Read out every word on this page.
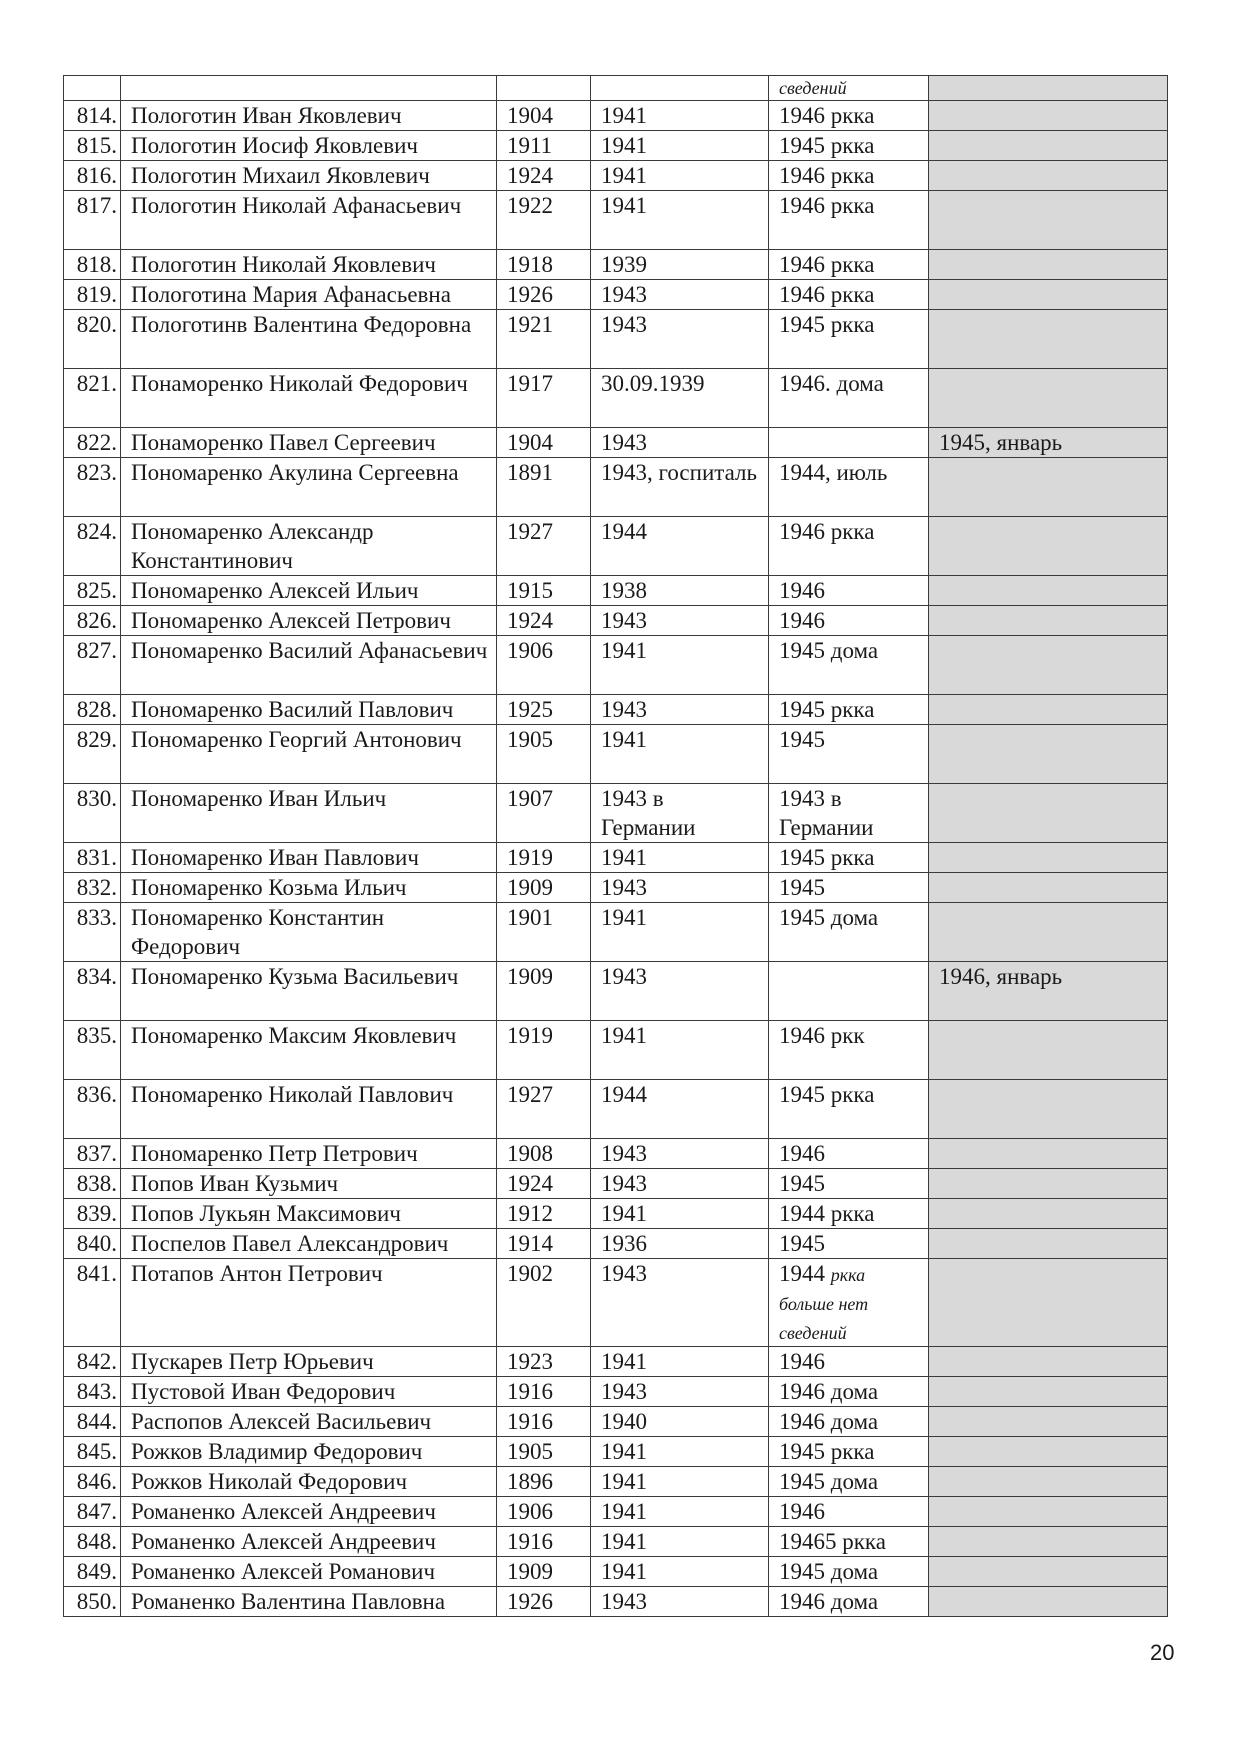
				сведений	
814.	Пологотин Иван Яковлевич	1904	1941	1946 ркка	
815.	Пологотин Иосиф Яковлевич	1911	1941	1945 ркка	
816.	Пологотин Михаил Яковлевич	1924	1941	1946 ркка	
817.	Пологотин Николай Афанасьевич	1922	1941	1946 ркка	
818.	Пологотин Николай Яковлевич	1918	1939	1946 ркка	
819.	Пологотина Мария Афанасьевна	1926	1943	1946 ркка	
820.	Пологотинв Валентина Федоровна	1921	1943	1945 ркка	
821.	Понаморенко Николай Федорович	1917	30.09.1939	1946. дома	
822.	Понаморенко Павел Сергеевич	1904	1943		1945, январь
823.	Пономаренко Акулина Сергеевна	1891	1943, госпиталь	1944, июль	
824.	Пономаренко Александр Константинович	1927	1944	1946 ркка	
825.	Пономаренко Алексей Ильич	1915	1938	1946	
826.	Пономаренко Алексей Петрович	1924	1943	1946	
827.	Пономаренко Василий Афанасьевич	1906	1941	1945 дома	
828.	Пономаренко Василий Павлович	1925	1943	1945 ркка	
829.	Пономаренко Георгий Антонович	1905	1941	1945	
830.	Пономаренко Иван Ильич	1907	1943 в Германии	1943 в Германии	
831.	Пономаренко Иван Павлович	1919	1941	1945 ркка	
832.	Пономаренко Козьма Ильич	1909	1943	1945	
833.	Пономаренко Константин Федорович	1901	1941	1945 дома	
834.	Пономаренко Кузьма Васильевич	1909	1943		1946, январь
835.	Пономаренко Максим Яковлевич	1919	1941	1946 ркк	
836.	Пономаренко Николай Павлович	1927	1944	1945 ркка	
837.	Пономаренко Петр Петрович	1908	1943	1946	
838.	Попов Иван Кузьмич	1924	1943	1945	
839.	Попов Лукьян Максимович	1912	1941	1944 ркка	
840.	Поспелов Павел Александрович	1914	1936	1945	
841.	Потапов Антон Петрович	1902	1943	1944 ркка больше нет сведений	
842.	Пускарев Петр Юрьевич	1923	1941	1946	
843.	Пустовой Иван Федорович	1916	1943	1946 дома	
844.	Распопов Алексей Васильевич	1916	1940	1946 дома	
845.	Рожков Владимир Федорович	1905	1941	1945 ркка	
846.	Рожков Николай Федорович	1896	1941	1945 дома	
847.	Романенко Алексей Андреевич	1906	1941	1946	
848.	Романенко Алексей Андреевич	1916	1941	19465 ркка	
849.	Романенко Алексей Романович	1909	1941	1945 дома	
850.	Романенко Валентина Павловна	1926	1943	1946 дома	
20
